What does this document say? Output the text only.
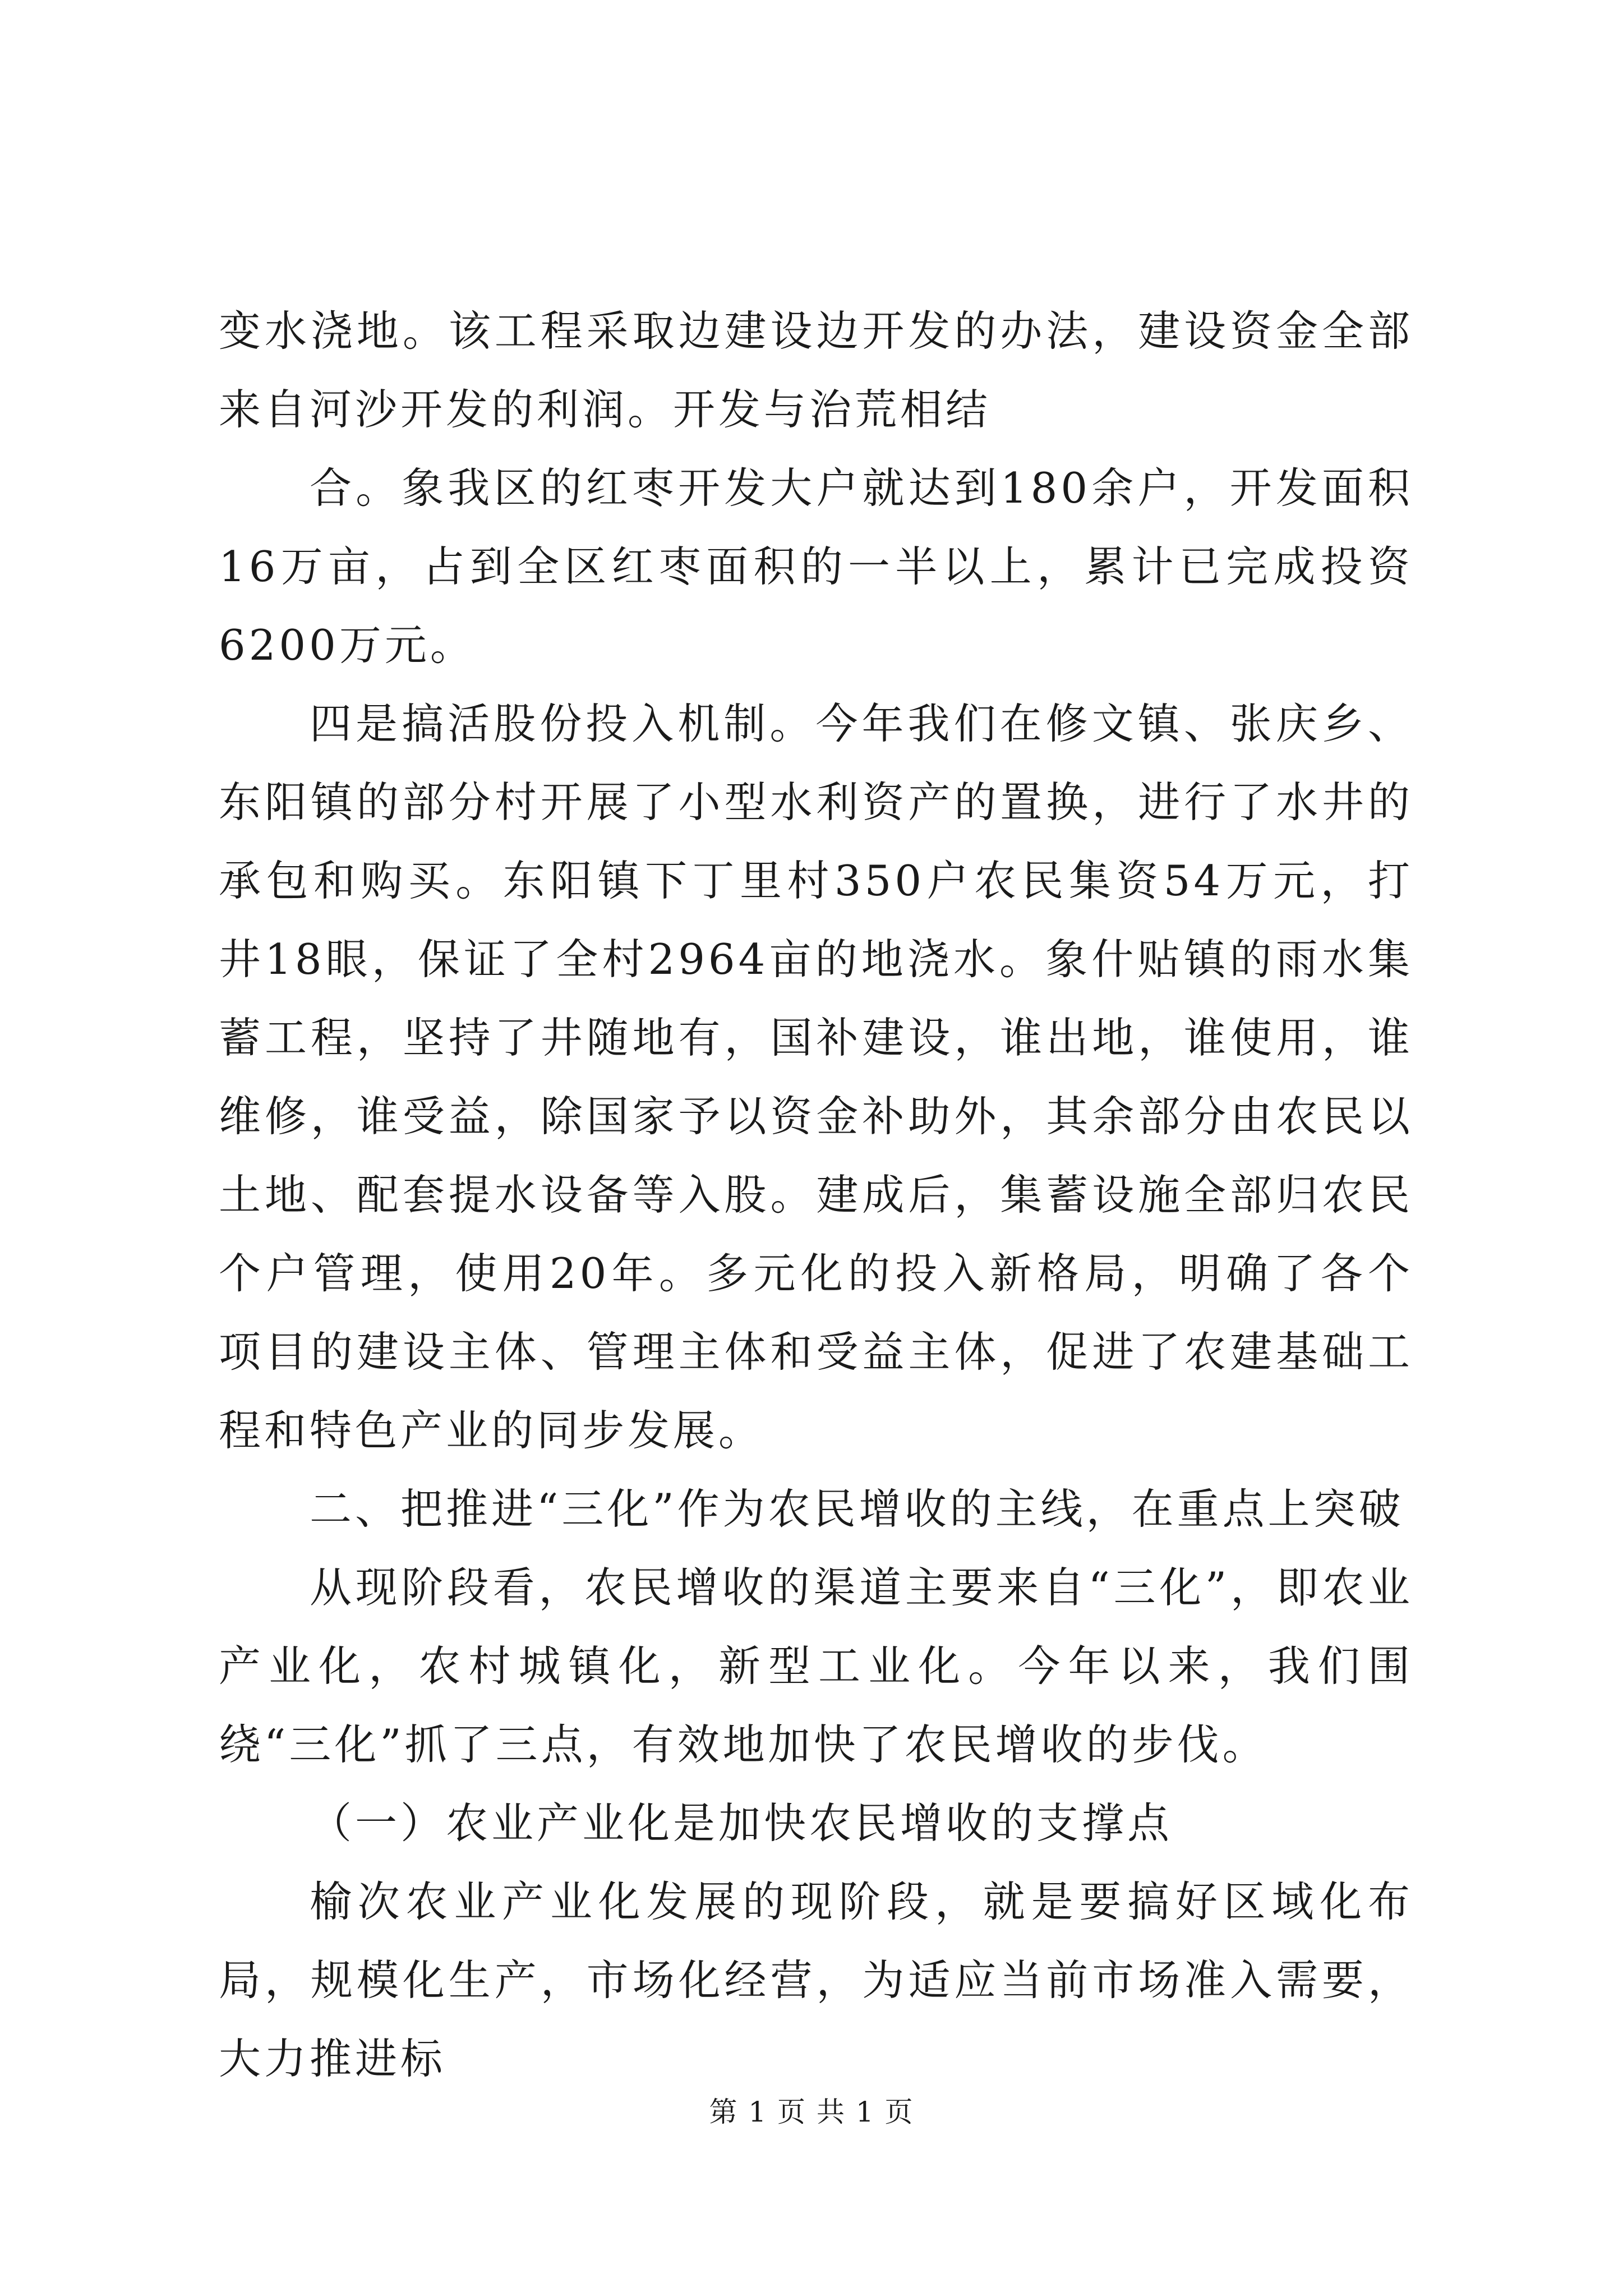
变水浇地。该工程采取边建设边开发的办法，建设资金全部来自河沙开发的利润。开发与治荒相结

合。象我区的红枣开发大户就达到180余户，开发面积16万亩，占到全区红枣面积的一半以上，累计已完成投资6200万元。

四是搞活股份投入机制。今年我们在修文镇、张庆乡、东阳镇的部分村开展了小型水利资产的置换，进行了水井的承包和购买。东阳镇下丁里村350户农民集资54万元，打井18眼，保证了全村2964亩的地浇水。象什贴镇的雨水集蓄工程，坚持了井随地有，国补建设，谁出地，谁使用，谁维修，谁受益，除国家予以资金补助外，其余部分由农民以土地、配套提水设备等入股。建成后，集蓄设施全部归农民个户管理，使用20年。多元化的投入新格局，明确了各个项目的建设主体、管理主体和受益主体，促进了农建基础工程和特色产业的同步发展。

二、把推进“三化”作为农民增收的主线，在重点上突破

从现阶段看，农民增收的渠道主要来自“三化”，即农业产业化，农村城镇化，新型工业化。今年以来，我们围绕“三化”抓了三点，有效地加快了农民增收的步伐。

（一）农业产业化是加快农民增收的支撑点

榆次农业产业化发展的现阶段，就是要搞好区域化布局，规模化生产，市场化经营，为适应当前市场准入需要，大力推进标

第 1 页 共 1 页
